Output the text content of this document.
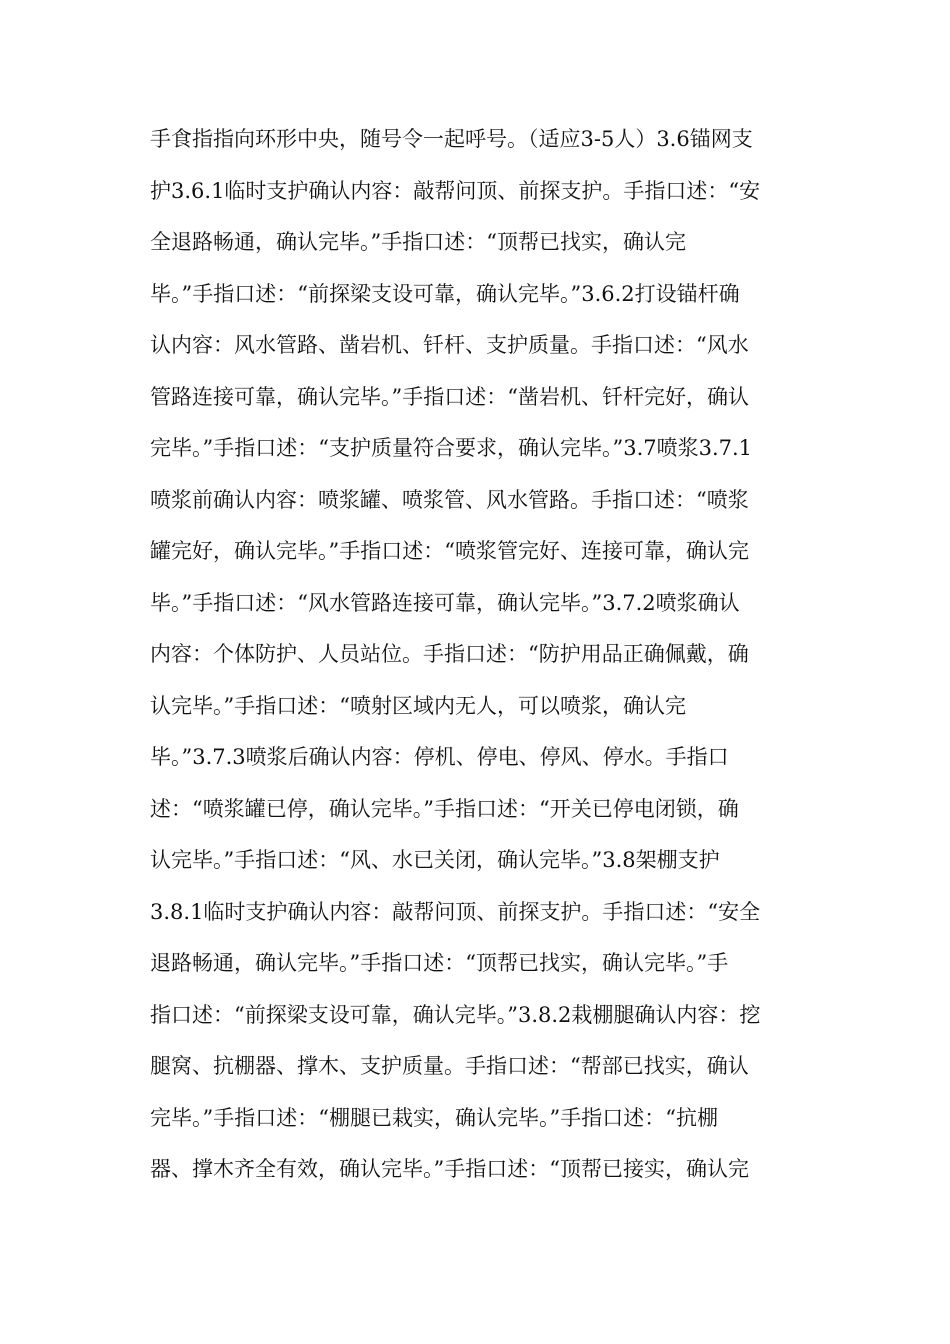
手食指指向环形中央，随号令一起呼号。（适应3-5人）3.6锚网支
护3.6.1临时支护确认内容：敲帮问顶、前探支护。手指口述：“安
全退路畅通，确认完毕。”手指口述：“顶帮已找实，确认完
毕。”手指口述：“前探梁支设可靠，确认完毕。”3.6.2打设锚杆确
认内容：风水管路、凿岩机、钎杆、支护质量。手指口述：“风水
管路连接可靠，确认完毕。”手指口述：“凿岩机、钎杆完好，确认
完毕。”手指口述：“支护质量符合要求，确认完毕。”3.7喷浆3.7.1
喷浆前确认内容：喷浆罐、喷浆管、风水管路。手指口述：“喷浆
罐完好，确认完毕。”手指口述：“喷浆管完好、连接可靠，确认完
毕。”手指口述：“风水管路连接可靠，确认完毕。”3.7.2喷浆确认
内容：个体防护、人员站位。手指口述：“防护用品正确佩戴，确
认完毕。”手指口述：“喷射区域内无人，可以喷浆，确认完
毕。”3.7.3喷浆后确认内容：停机、停电、停风、停水。手指口
述：“喷浆罐已停，确认完毕。”手指口述：“开关已停电闭锁，确
认完毕。”手指口述：“风、水已关闭，确认完毕。”3.8架棚支护
3.8.1临时支护确认内容：敲帮问顶、前探支护。手指口述：“安全
退路畅通，确认完毕。”手指口述：“顶帮已找实，确认完毕。”手
指口述：“前探梁支设可靠，确认完毕。”3.8.2栽棚腿确认内容：挖
腿窝、抗棚器、撑木、支护质量。手指口述：“帮部已找实，确认
完毕。”手指口述：“棚腿已栽实，确认完毕。”手指口述：“抗棚
器、撑木齐全有效，确认完毕。”手指口述：“顶帮已接实，确认完
